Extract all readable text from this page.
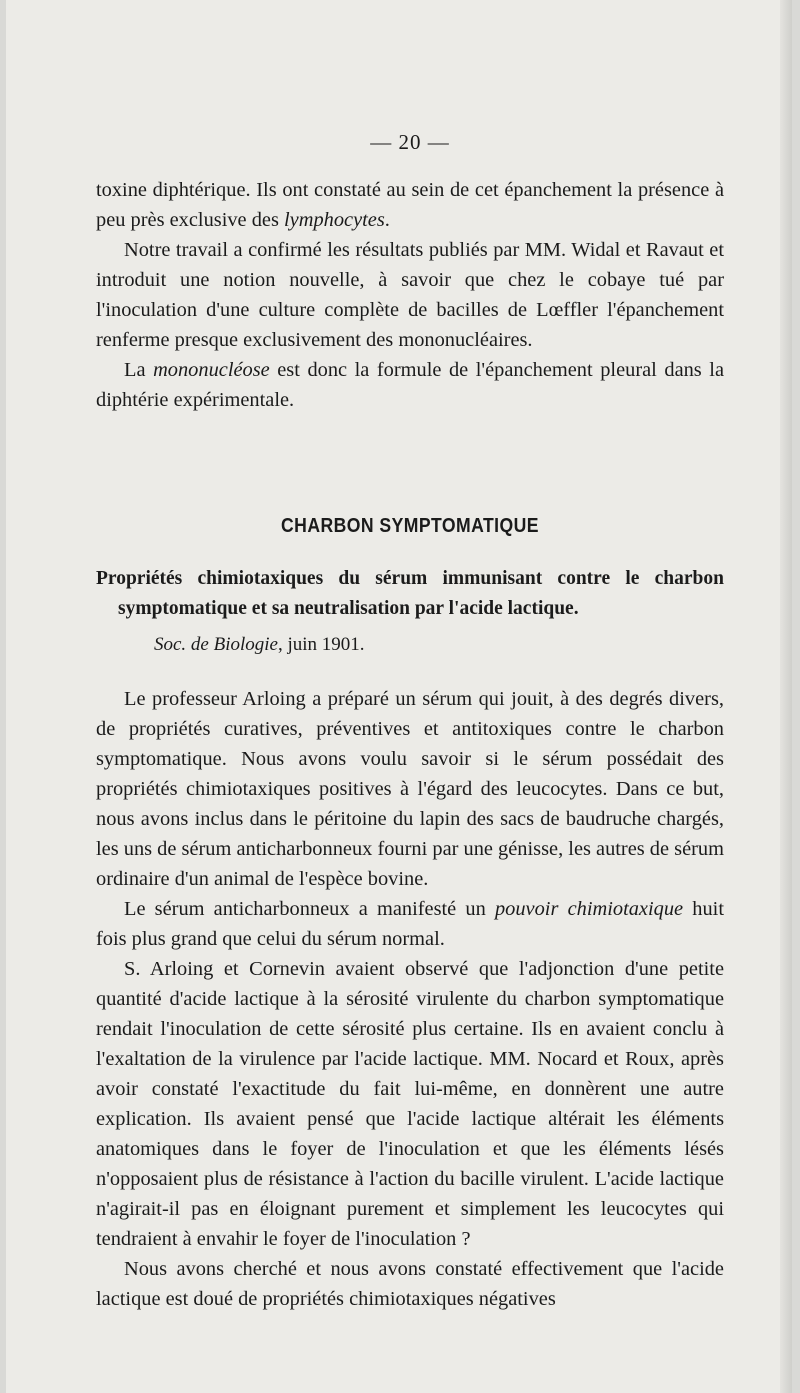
— 20 —

toxine diphtérique. Ils ont constaté au sein de cet épanchement la présence à peu près exclusive des lymphocytes.

Notre travail a confirmé les résultats publiés par MM. Widal et Ravaut et introduit une notion nouvelle, à savoir que chez le cobaye tué par l'inoculation d'une culture complète de bacilles de Lœffler l'épanchement renferme presque exclusivement des mononucléaires.

La mononucléose est donc la formule de l'épanchement pleural dans la diphtérie expérimentale.

CHARBON SYMPTOMATIQUE
Propriétés chimiotaxiques du sérum immunisant contre le charbon symptomatique et sa neutralisation par l'acide lactique.
Soc. de Biologie, juin 1901.

Le professeur Arloing a préparé un sérum qui jouit, à des degrés divers, de propriétés curatives, préventives et antitoxiques contre le charbon symptomatique. Nous avons voulu savoir si le sérum possédait des propriétés chimiotaxiques positives à l'égard des leucocytes. Dans ce but, nous avons inclus dans le péritoine du lapin des sacs de baudruche chargés, les uns de sérum anticharbonneux fourni par une génisse, les autres de sérum ordinaire d'un animal de l'espèce bovine.

Le sérum anticharbonneux a manifesté un pouvoir chimiotaxique huit fois plus grand que celui du sérum normal.

S. Arloing et Cornevin avaient observé que l'adjonction d'une petite quantité d'acide lactique à la sérosité virulente du charbon symptomatique rendait l'inoculation de cette sérosité plus certaine. Ils en avaient conclu à l'exaltation de la virulence par l'acide lactique. MM. Nocard et Roux, après avoir constaté l'exactitude du fait lui-même, en donnèrent une autre explication. Ils avaient pensé que l'acide lactique altérait les éléments anatomiques dans le foyer de l'inoculation et que les éléments lésés n'opposaient plus de résistance à l'action du bacille virulent. L'acide lactique n'agirait-il pas en éloignant purement et simplement les leucocytes qui tendraient à envahir le foyer de l'inoculation ?

Nous avons cherché et nous avons constaté effectivement que l'acide lactique est doué de propriétés chimiotaxiques négatives
